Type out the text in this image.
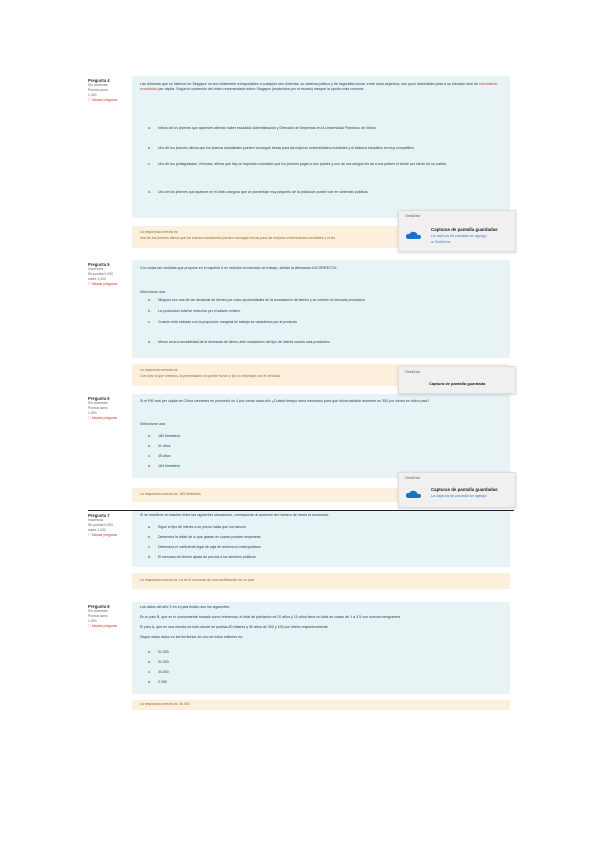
Pregunta 4
Sin contestar
Puntúa como
1,000
⚐ Marcar pregunta
Las reformas que se hicieron en Singapur no son totalmente extrapolables a cualquier otro Además, su sistema político y de seguridad social, entre otros aspectos, son poco admirables pese a su elevado nivel de crecimiento económico per cápita. Según el contenido del vídeo recomendado sobre Singapur (modelofos por el mundo) marque la opción más correcta:
a. Varios de los jóvenes que aparecen afirman haber estudiado Administración y Dirección de Empresas en la Universidad Francisco de Vitoria
b. Uno de los jóvenes afirma que los buenos estudiantes pueden conseguir becas para las mejores universidades mundiales y el sistema educativo es muy competitivo.
c. Uno de los protagonistas, Verónica, afirma que hay un impuesto voluntario que los jóvenes pagan a sus padres y uno de sus amigos les da a sus padres el veinte por ciento de su sueldo.
d. Uno de los jóvenes que aparece en el vídeo asegura que un porcentaje muy pequeño de la población puede vivir en viviendas públicas
La respuesta correcta es:
Uno de los jóvenes afirma que los buenos estudiantes pueden conseguir becas para las mejores universidades mundiales y el sis
Pregunta 5
Incorrecta
Se puntúa 0,000
sobre 1,000
⚐ Marcar pregunta
Con todas las medidas que propone en el capítulo 6 en relación al mercado de trabajo, señale la afirmación INCORRECTA:
Seleccione una:
a. Ninguno son una de las demanda de bienes por unas oportunidades de la recaudación de bienes y se vuelven al mercado productivo
b. La producción total se reduciría por el salario mínimo
c. Cuando está ubicado con la proporción marginal de trabajo se caracteriza por el producto
d. Menor será la sensibilidad de la demanda de dinero ante variaciones del tipo de interés cuanto más productivo.
La respuesta correcta es:
Con todo lo que creemos, la presentación no puede mover y los no necesitan con el mercado
Pregunta 6
Sin contestar
Puntúa como
1,000
⚐ Marcar pregunta
Si el PIB real per cápita de China crecieses en promedio un 4 por ciento cada año ¿Cuánto tiempo sería necesario para que dicha variable aumente un 300 por ciento en dicho país?
Seleccione una:
a. 183 trimestres
b. 41 años
c. 45 años
d. 164 trimestres
La respuesta correcta es: 183 trimestres
Pregunta 7
Incorrecta
Se puntúa 0,000
sobre 1,000
⚐ Marcar pregunta
Si se mantiene la relación entre las siguientes situaciones, corresponde al aumento del número de veces la economía:
a. Sigue el tipo de interés a su precio hasta que los bancos
b. Determina la mitad de lo que gastan en cuanto pueden emplearse
c. Determina el coeficiente legal de caja de reserva en metropolitano
d. El mercado de bienes ajusta de precios a los sectores públicos
La respuesta correcta es: La de el momento de una modificación de un país
Pregunta 8
Sin contestar
Puntúa como
1,000
⚐ Marcar pregunta
Los datos del año X en el país ficticio son los siguientes:
En el país B, que es el comúnmente tomado como referencia, el total de población es 20 años y 10 años tiene un total de cuatro de 1 a 3,5 con nuevos inmigrantes.
El país A, que es una mezcla de todo donde se publica 80 dólares y 50 años de 300 y 100 por ciento respectivamente.
Según estos datos en los territorios de uno de estos millones es:
a. 31.000
b. 31.000
c. 30.000
d. 2.395
La respuesta correcta es: 30.000
OneDrive
Capturas de pantalla guardadas
La captura de pantalla se agregó
a OneDrive.
OneDrive
Captura de pantalla guardada
OneDrive
Capturas de pantalla guardadas
La captura de pantalla se agregó
